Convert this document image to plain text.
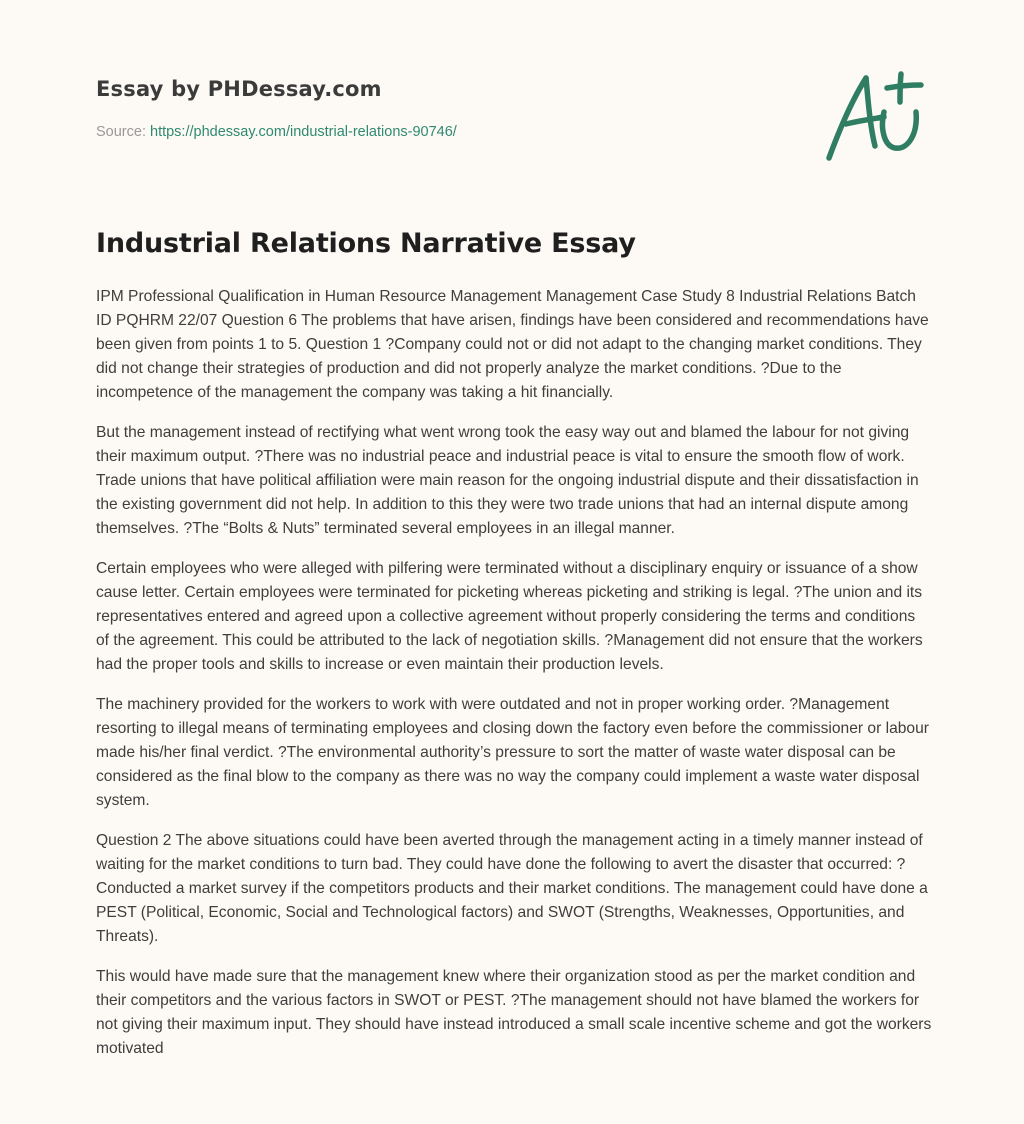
Essay by PHDessay.com
Source: https://phdessay.com/industrial-relations-90746/
Industrial Relations Narrative Essay

IPM Professional Qualification in Human Resource Management Management Case Study 8 Industrial Relations Batch ID PQHRM 22/07 Question 6 The problems that have arisen, findings have been considered and recommendations have been given from points 1 to 5. Question 1 ?Company could not or did not adapt to the changing market conditions. They did not change their strategies of production and did not properly analyze the market conditions. ?Due to the incompetence of the management the company was taking a hit financially.

But the management instead of rectifying what went wrong took the easy way out and blamed the labour for not giving their maximum output. ?There was no industrial peace and industrial peace is vital to ensure the smooth flow of work. Trade unions that have political affiliation were main reason for the ongoing industrial dispute and their dissatisfaction in the existing government did not help. In addition to this they were two trade unions that had an internal dispute among themselves. ?The “Bolts & Nuts” terminated several employees in an illegal manner.

Certain employees who were alleged with pilfering were terminated without a disciplinary enquiry or issuance of a show cause letter. Certain employees were terminated for picketing whereas picketing and striking is legal. ?The union and its representatives entered and agreed upon a collective agreement without properly considering the terms and conditions of the agreement. This could be attributed to the lack of negotiation skills. ?Management did not ensure that the workers had the proper tools and skills to increase or even maintain their production levels.

The machinery provided for the workers to work with were outdated and not in proper working order. ?Management resorting to illegal means of terminating employees and closing down the factory even before the commissioner or labour made his/her final verdict. ?The environmental authority’s pressure to sort the matter of waste water disposal can be considered as the final blow to the company as there was no way the company could implement a waste water disposal system.

Question 2 The above situations could have been averted through the management acting in a timely manner instead of waiting for the market conditions to turn bad. They could have done the following to avert the disaster that occurred: ?Conducted a market survey if the competitors products and their market conditions. The management could have done a PEST (Political, Economic, Social and Technological factors) and SWOT (Strengths, Weaknesses, Opportunities, and Threats).

This would have made sure that the management knew where their organization stood as per the market condition and their competitors and the various factors in SWOT or PEST. ?The management should not have blamed the workers for not giving their maximum input. They should have instead introduced a small scale incentive scheme and got the workers motivated
